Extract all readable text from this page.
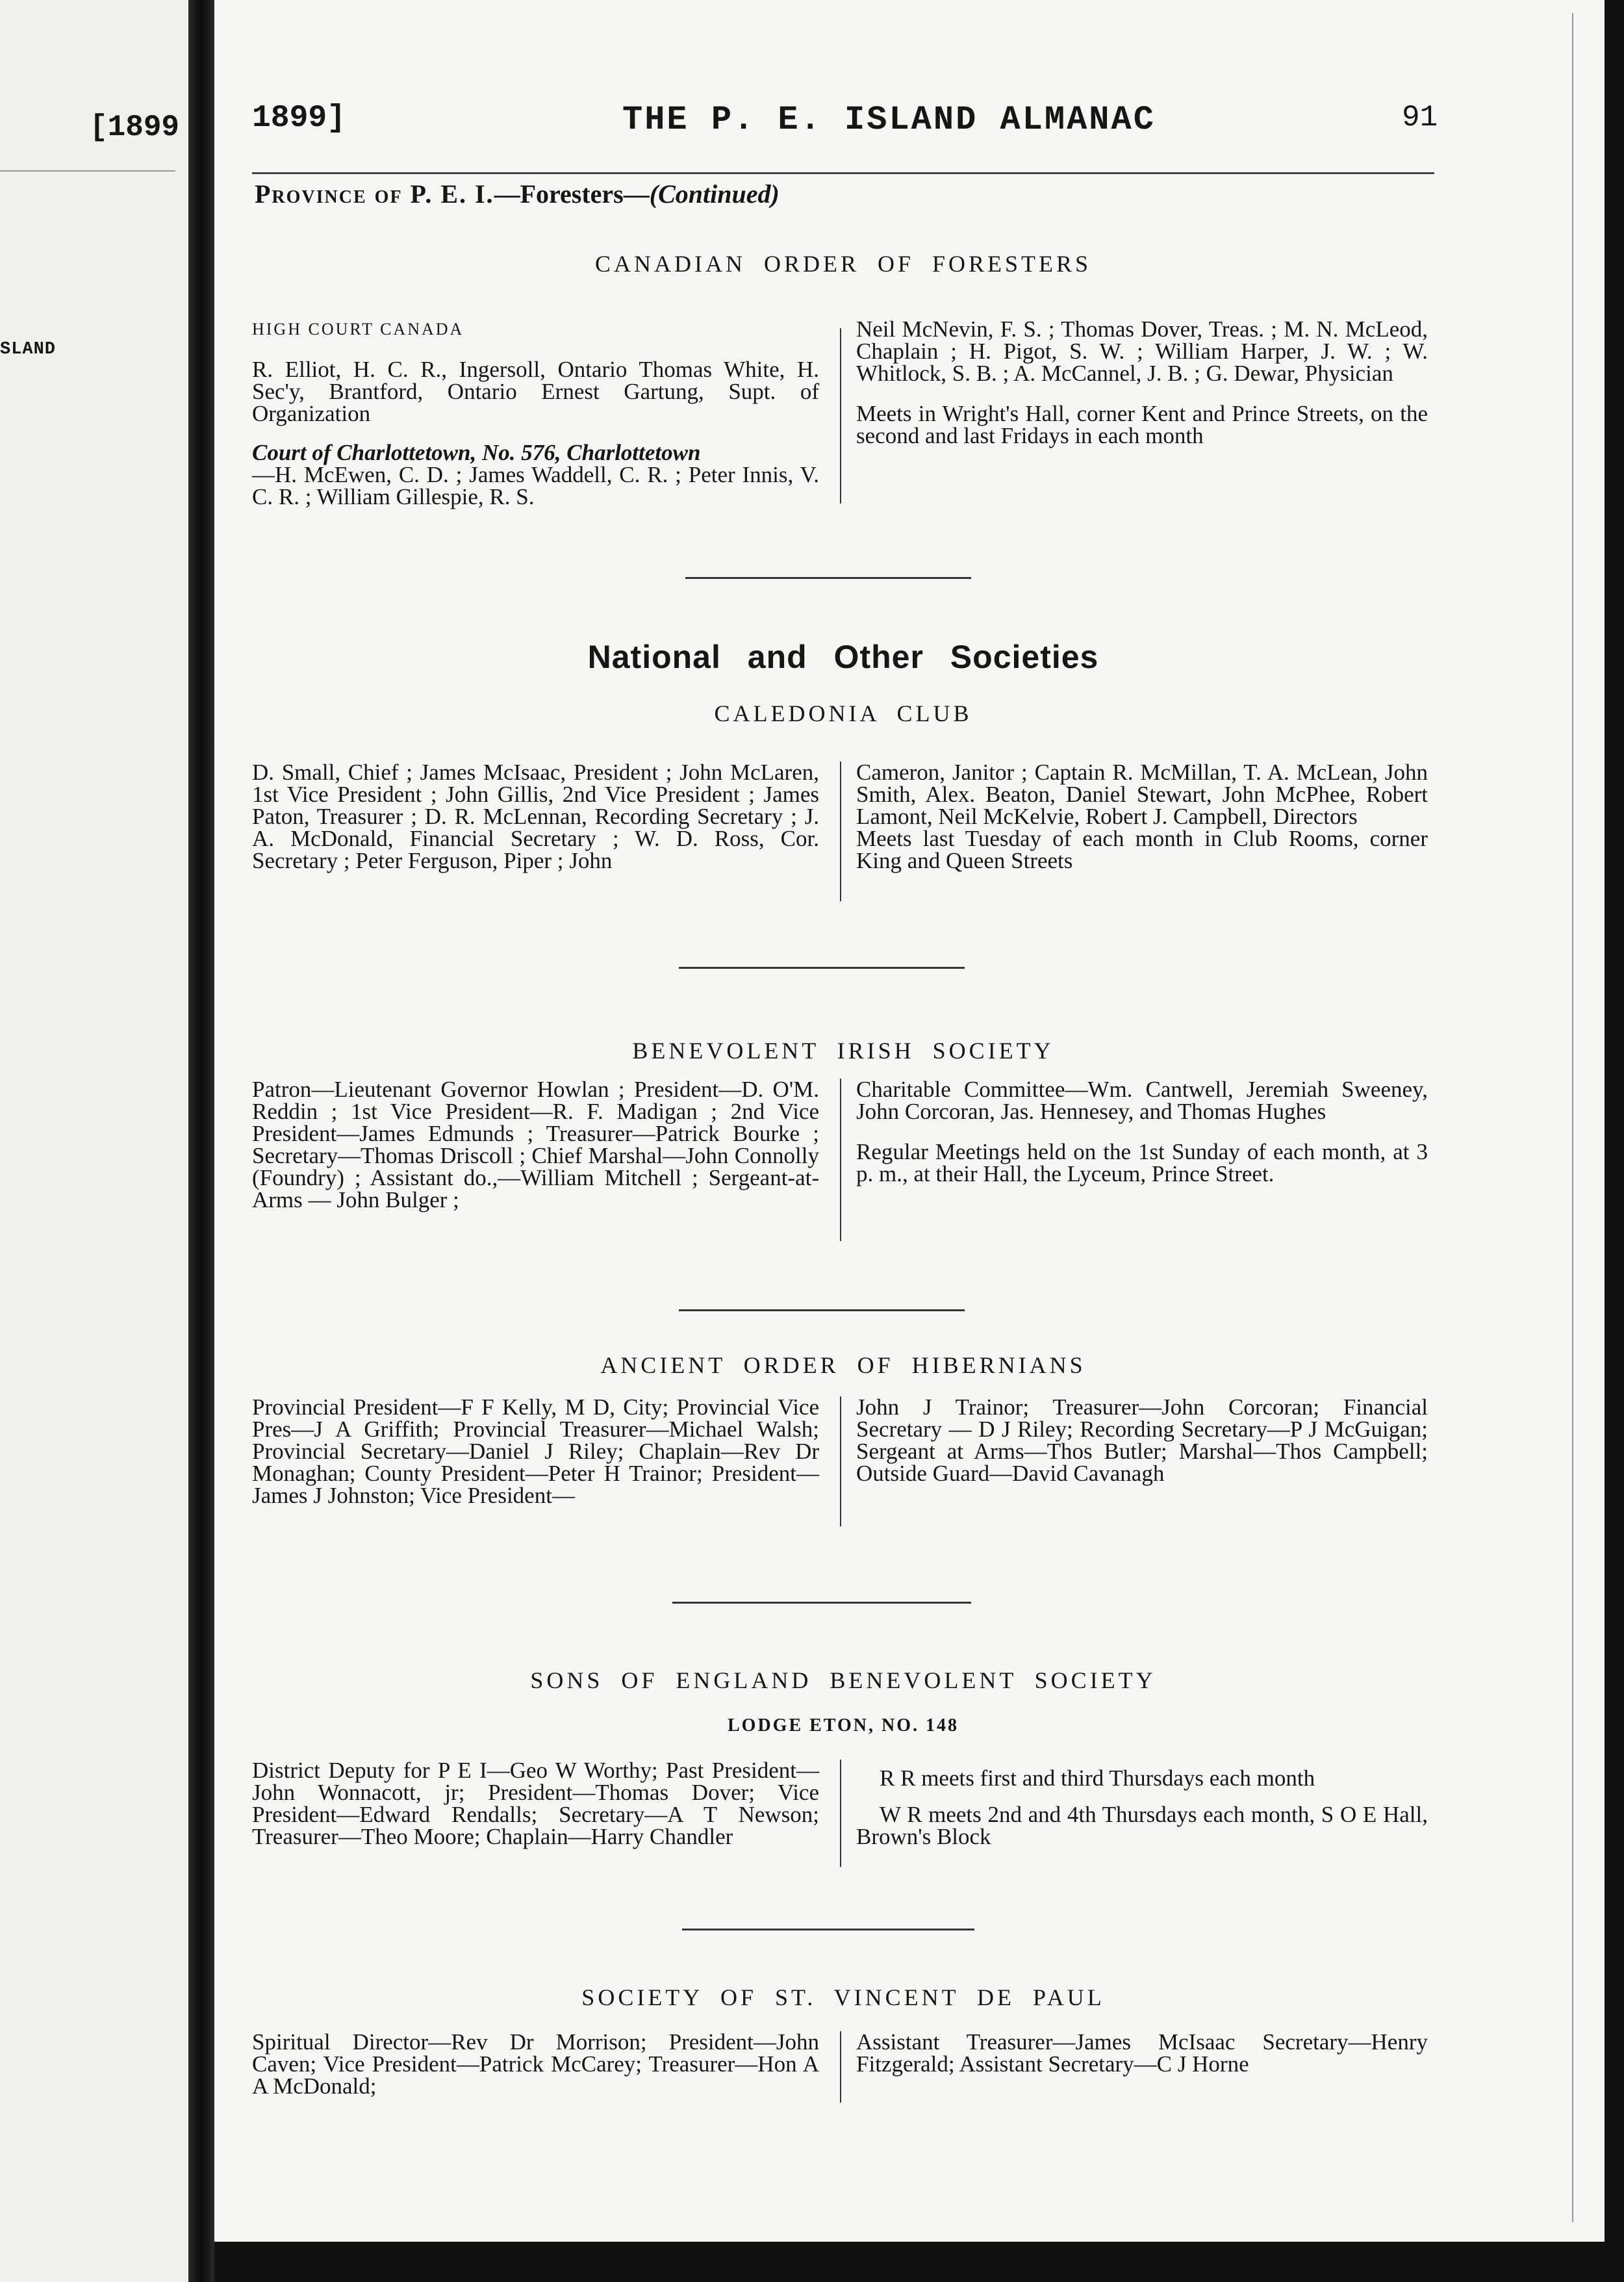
[1899
SLAND
1899]	THE P. E. ISLAND ALMANAC	91
Province of P. E. I.—Foresters—(Continued)
CANADIAN ORDER OF FORESTERS

HIGH COURT CANADA

R. Elliot, H. C. R., Ingersoll, Ontario Thomas White, H. Sec'y, Brantford, Ontario Ernest Gartung, Supt. of Organization

Court of Charlottetown, No. 576, Charlottetown

—H. McEwen, C. D. ; James Waddell, C. R. ; Peter Innis, V. C. R. ; William Gillespie, R. S.

Neil McNevin, F. S. ; Thomas Dover, Treas. ; M. N. McLeod, Chaplain ; H. Pigot, S. W. ; William Harper, J. W. ; W. Whitlock, S. B. ; A. McCannel, J. B. ; G. Dewar, Physician

Meets in Wright's Hall, corner Kent and Prince Streets, on the second and last Fridays in each month

National and Other Societies
CALEDONIA CLUB

D. Small, Chief ; James McIsaac, President ; John McLaren, 1st Vice President ; John Gillis, 2nd Vice President ; James Paton, Treasurer ; D. R. McLennan, Recording Secretary ; J. A. McDonald, Financial Secretary ; W. D. Ross, Cor. Secretary ; Peter Ferguson, Piper ; John

Cameron, Janitor ; Captain R. McMillan, T. A. McLean, John Smith, Alex. Beaton, Daniel Stewart, John McPhee, Robert Lamont, Neil McKelvie, Robert J. Campbell, Directors

Meets last Tuesday of each month in Club Rooms, corner King and Queen Streets

BENEVOLENT IRISH SOCIETY

Patron—Lieutenant Governor Howlan ; President—D. O'M. Reddin ; 1st Vice President—R. F. Madigan ; 2nd Vice President—James Edmunds ; Treasurer—Patrick Bourke ; Secretary—Thomas Driscoll ; Chief Marshal—John Connolly (Foundry) ; Assistant do.,—William Mitchell ; Sergeant-at-Arms — John Bulger ;

Charitable Committee—Wm. Cantwell, Jeremiah Sweeney, John Corcoran, Jas. Hennesey, and Thomas Hughes

Regular Meetings held on the 1st Sunday of each month, at 3 p. m., at their Hall, the Lyceum, Prince Street.

ANCIENT ORDER OF HIBERNIANS

Provincial President—F F Kelly, M D, City; Provincial Vice Pres—J A Griffith; Provincial Treasurer—Michael Walsh; Provincial Secretary—Daniel J Riley; Chaplain—Rev Dr Monaghan; County President—Peter H Trainor; President—James J Johnston; Vice President—

John J Trainor; Treasurer—John Corcoran; Financial Secretary — D J Riley; Recording Secretary—P J McGuigan; Sergeant at Arms—Thos Butler; Marshal—Thos Campbell; Outside Guard—David Cavanagh

SONS OF ENGLAND BENEVOLENT SOCIETY
LODGE ETON, NO. 148

District Deputy for P E I—Geo W Worthy; Past President—John Wonnacott, jr; President—Thomas Dover; Vice President—Edward Rendalls; Secretary—A T Newson; Treasurer—Theo Moore; Chaplain—Harry Chandler

R R meets first and third Thursdays each month

W R meets 2nd and 4th Thursdays each month, S O E Hall, Brown's Block

SOCIETY OF ST. VINCENT DE PAUL

Spiritual Director—Rev Dr Morrison; President—John Caven; Vice President—Patrick McCarey; Treasurer—Hon A A McDonald;

Assistant Treasurer—James McIsaac Secretary—Henry Fitzgerald; Assistant Secretary—C J Horne
